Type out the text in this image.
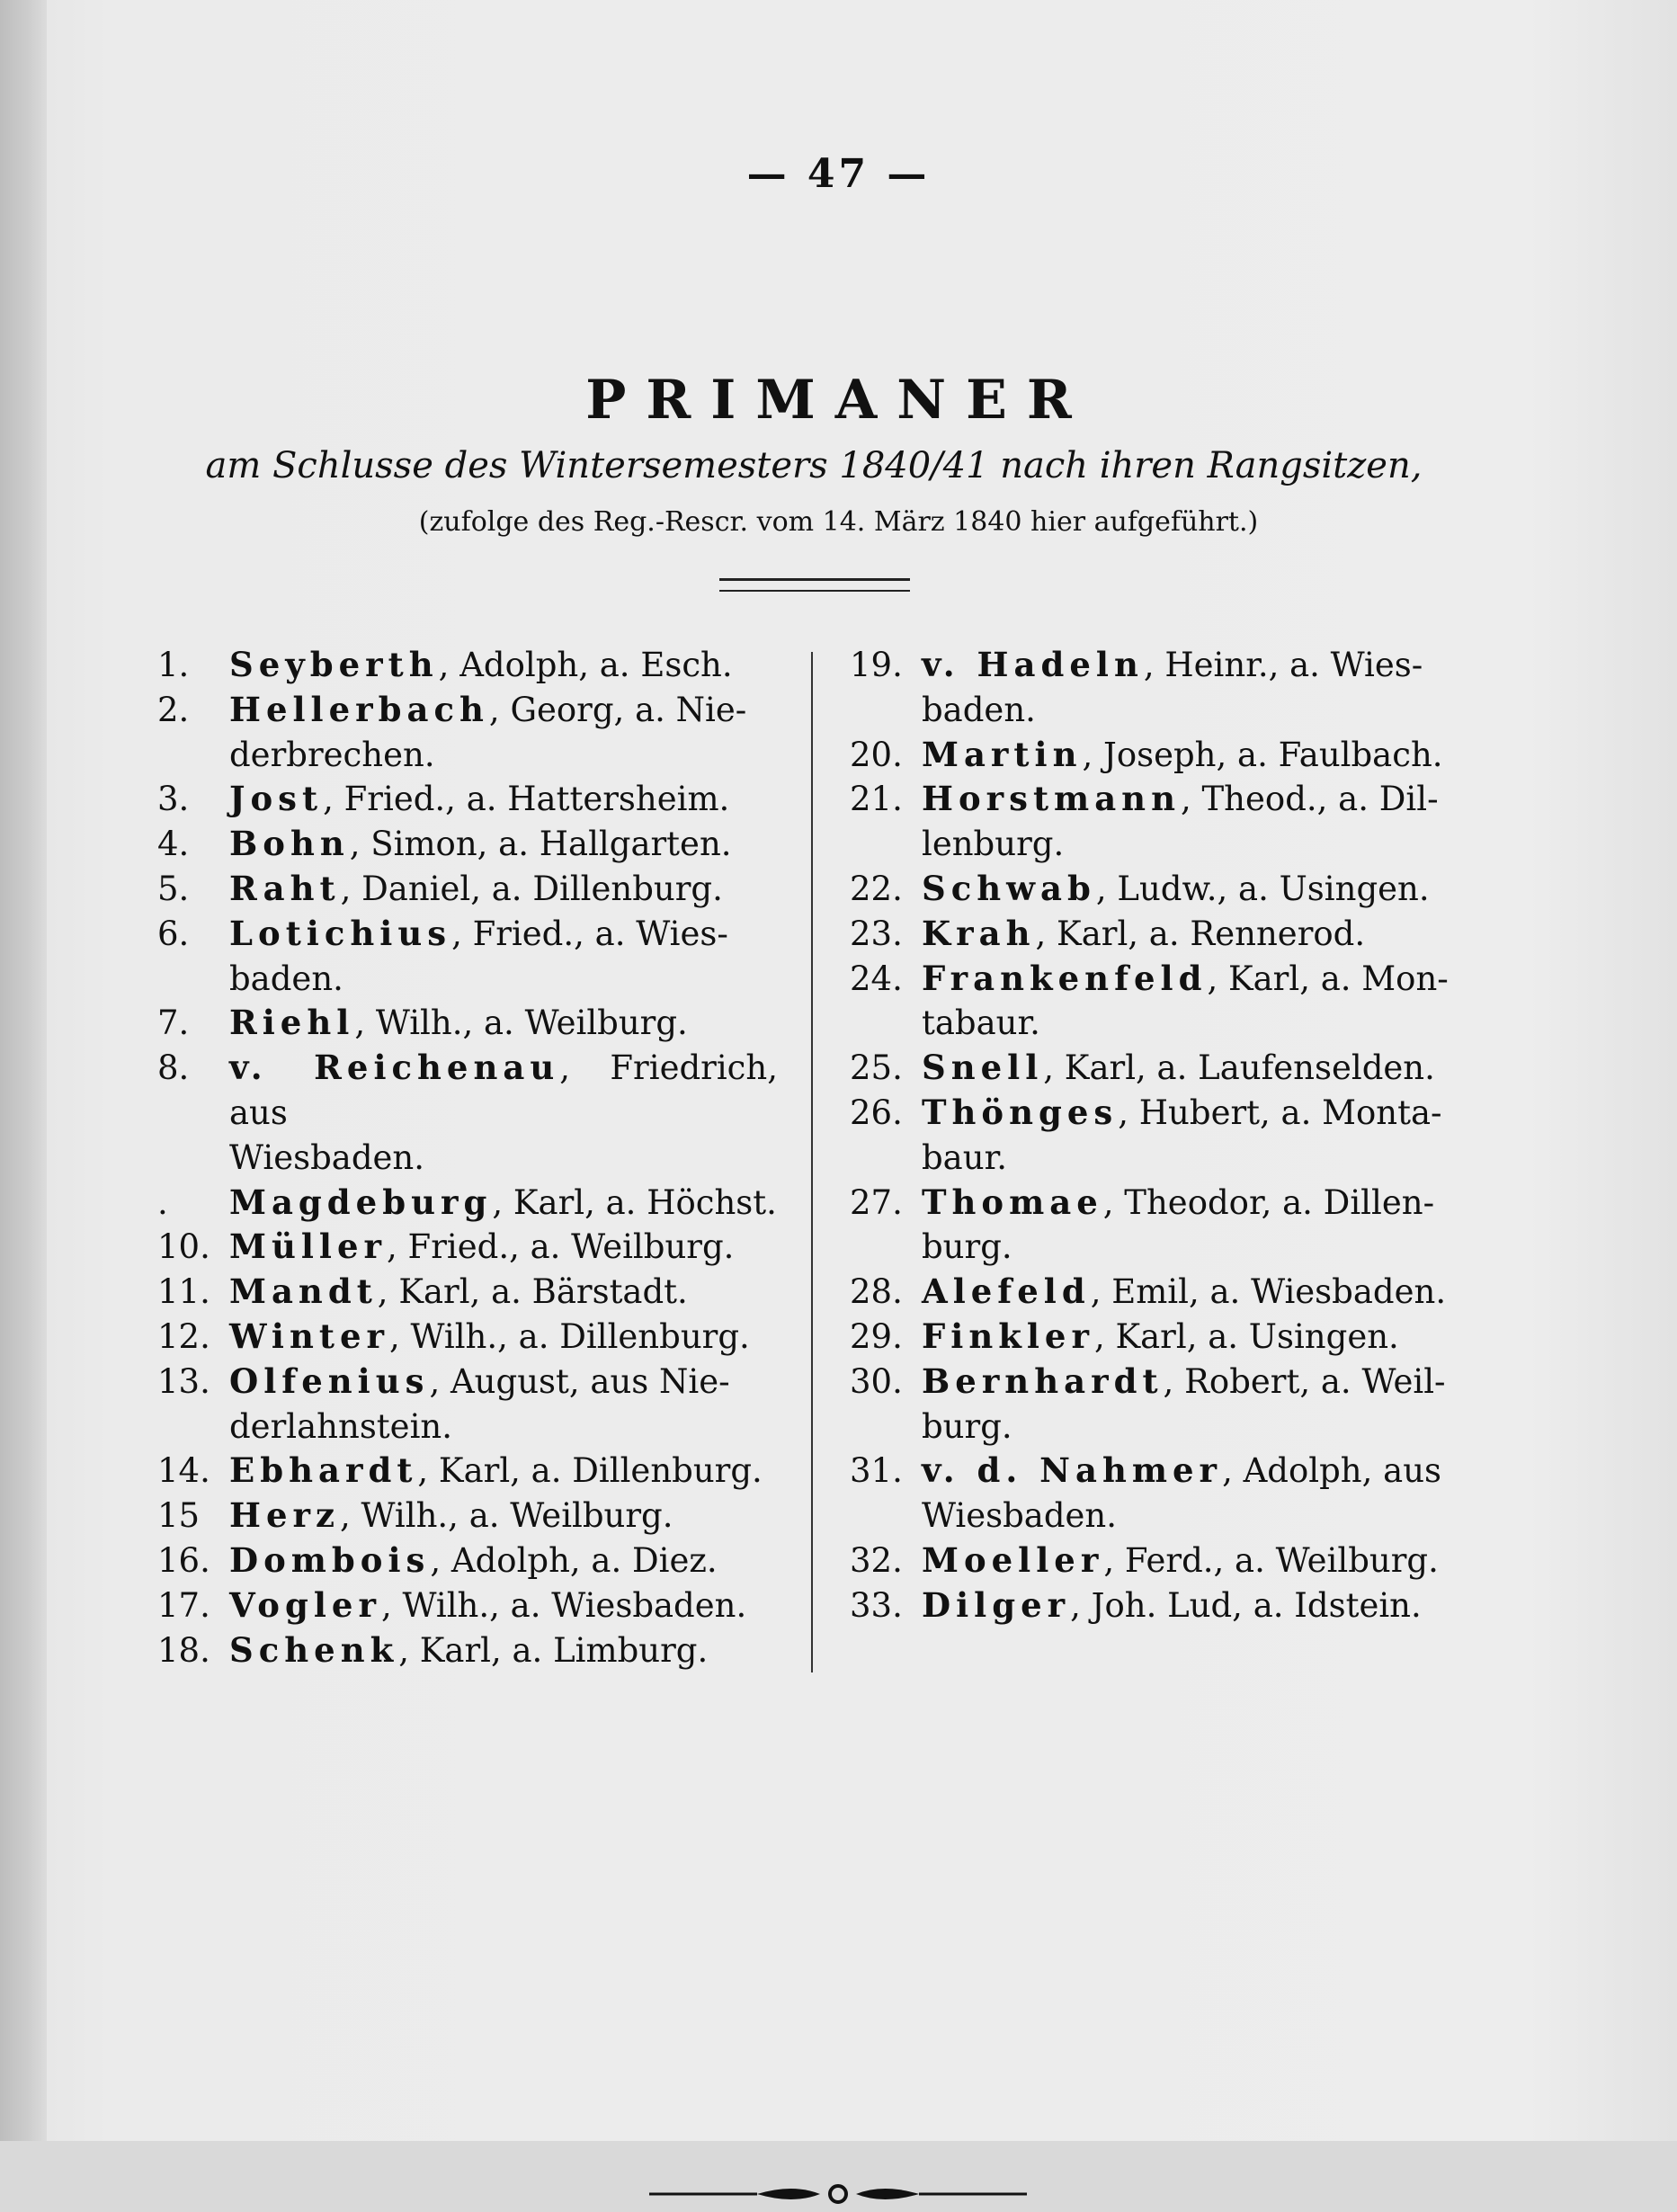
— 47 —
PRIMANER
am Schlusse des Wintersemesters 1840/41 nach ihren Rangsitzen,
(zufolge des Reg.-Rescr. vom 14. März 1840 hier aufgeführt.)
1.	Seyberth, Adolph, a. Esch.
2.	Hellerbach, Georg, a. Nie-
derbrechen.
3.	Jost, Fried., a. Hattersheim.
4.	Bohn, Simon, a. Hallgarten.
5.	Raht, Daniel, a. Dillenburg.
6.	Lotichius, Fried., a. Wies-
baden.
7.	Riehl, Wilh., a. Weilburg.
8.	v. Reichenau, Friedrich, aus
Wiesbaden.
.	Magdeburg, Karl, a. Höchst.
10. Müller, Fried., a. Weilburg.
11. Mandt, Karl, a. Bärstadt.
12. Winter, Wilh., a. Dillenburg.
13. Olfenius, August, aus Nie-
derlahnstein.
14. Ebhardt, Karl, a. Dillenburg.
15 Herz, Wilh., a. Weilburg.
16. Dombois, Adolph, a. Diez.
17. Vogler, Wilh., a. Wiesbaden.
18. Schenk, Karl, a. Limburg.
19. v. Hadeln, Heinr., a. Wies-
baden.
20. Martin, Joseph, a. Faulbach.
21. Horstmann, Theod., a. Dil-
lenburg.
22. Schwab, Ludw., a. Usingen.
23. Krah, Karl, a. Rennerod.
24. Frankenfeld, Karl, a. Mon-
tabaur.
25. Snell, Karl, a. Laufenselden.
26. Thönges, Hubert, a. Monta-
baur.
27. Thomae, Theodor, a. Dillen-
burg.
28. Alefeld, Emil, a. Wiesbaden.
29. Finkler, Karl, a. Usingen.
30. Bernhardt, Robert, a. Weil-
burg.
31. v. d. Nahmer, Adolph, aus
Wiesbaden.
32. Moeller, Ferd., a. Weilburg.
33. Dilger, Joh. Lud, a. Idstein.
